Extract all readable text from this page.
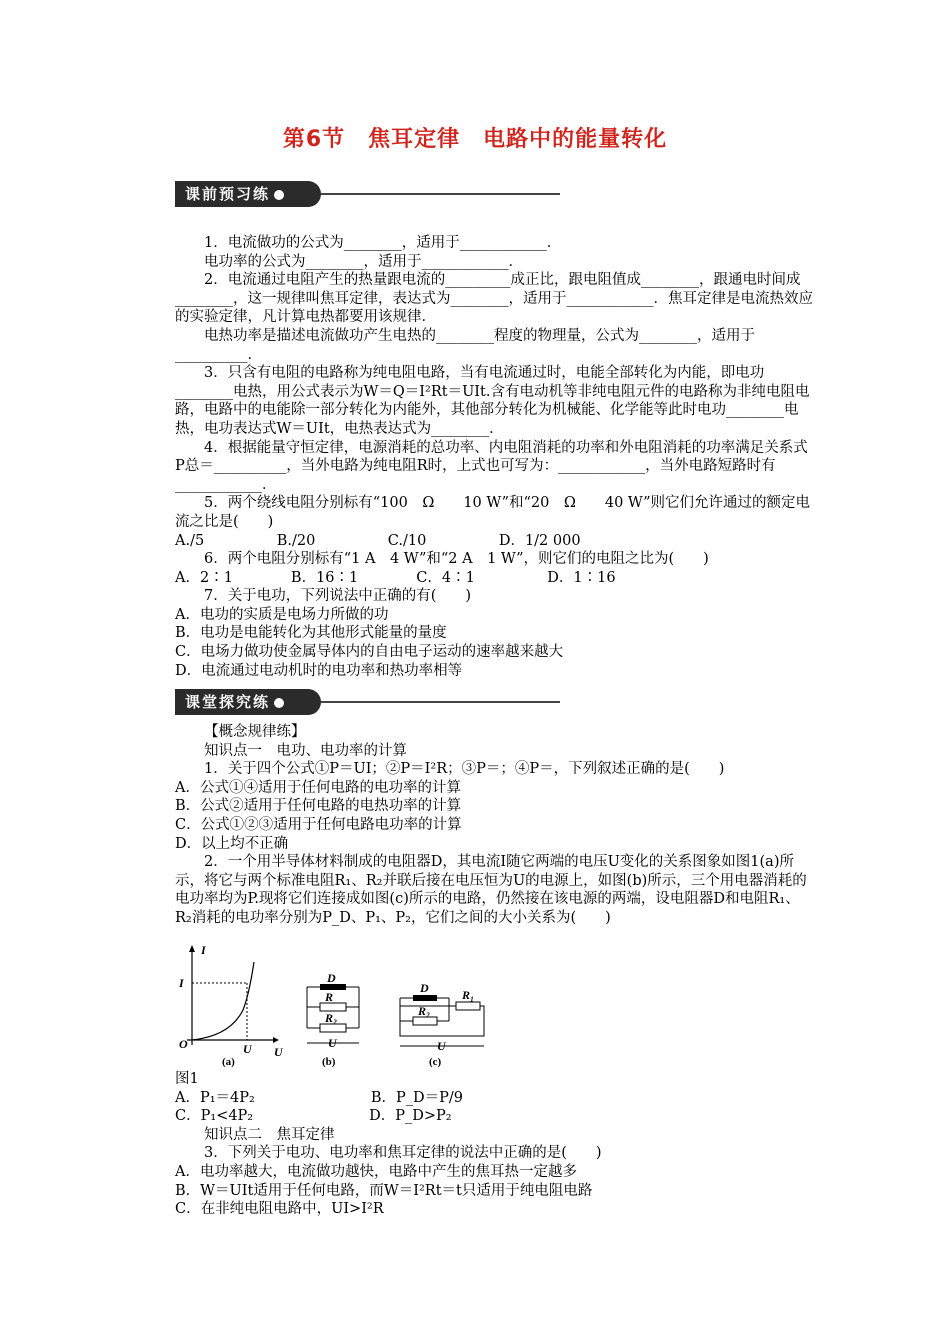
第6节　焦耳定律　电路中的能量转化
课前预习练

1．电流做功的公式为________，适用于____________．

电功率的公式为________，适用于____________．

2．电流通过电阻产生的热量跟电流的_________成正比，跟电阻值成________，跟通电时间成________，这一规律叫焦耳定律，表达式为________，适用于____________．焦耳定律是电流热效应的实验定律，凡计算电热都要用该规律．

电热功率是描述电流做功产生电热的________程度的物理量，公式为________，适用于__________．

3．只含有电阻的电路称为纯电阻电路，当有电流通过时，电能全部转化为内能，即电功________电热，用公式表示为W＝Q＝I²Rt＝UIt.含有电动机等非纯电阻元件的电路称为非纯电阻电路，电路中的电能除一部分转化为内能外，其他部分转化为机械能、化学能等此时电功________电热，电功表达式W＝UIt，电热表达式为________．

4．根据能量守恒定律，电源消耗的总功率、内电阻消耗的功率和外电阻消耗的功率满足关系式P总＝__________，当外电路为纯电阻R时，上式也可写为：____________，当外电路短路时有____________．

5．两个绕线电阻分别标有“100　Ω　　10 W”和“20　Ω　　40 W”则它们允许通过的额定电流之比是(　　)

A./5　　　　　B./20　　　　　C./10　　　　　D．1/2 000

6．两个电阻分别标有“1 A　4 W”和“2 A　1 W”，则它们的电阻之比为(　　)

A．2∶1　　　　B．16∶1　　　　C．4∶1　　　　　D．1∶16

7．关于电功，下列说法中正确的有(　　)

A．电功的实质是电场力所做的功

B．电功是电能转化为其他形式能量的量度

C．电场力做功使金属导体内的自由电子运动的速率越来越大

D．电流通过电动机时的电功率和热功率相等

课堂探究练

【概念规律练】

知识点一　电功、电功率的计算

1．关于四个公式①P＝UI；②P＝I²R；③P＝；④P＝，下列叙述正确的是(　　)

A．公式①④适用于任何电路的电功率的计算

B．公式②适用于任何电路的电热功率的计算

C．公式①②③适用于任何电路电功率的计算

D．以上均不正确

2．一个用半导体材料制成的电阻器D，其电流I随它两端的电压U变化的关系图象如图1(a)所示，将它与两个标准电阻R₁、R₂并联后接在电压恒为U的电源上，如图(b)所示，三个用电器消耗的电功率均为P.现将它们连接成如图(c)所示的电路，仍然接在该电源的两端，设电阻器D和电阻R₁、R₂消耗的电功率分别为P_D、P₁、P₂，它们之间的大小关系为(　　)

I
I
O	U U
(a)
D
R
R₂
U
(b)
D
R₂
R₁
U
(c)

图1

A．P₁＝4P₂　　　　　　　　B．P_D＝P/9

C．P₁<4P₂　　　　　　　　D．P_D>P₂

知识点二　焦耳定律

3．下列关于电功、电功率和焦耳定律的说法中正确的是(　　)

A．电功率越大，电流做功越快，电路中产生的焦耳热一定越多

B．W＝UIt适用于任何电路，而W＝I²Rt＝t只适用于纯电阻电路

C．在非纯电阻电路中，UI>I²R
